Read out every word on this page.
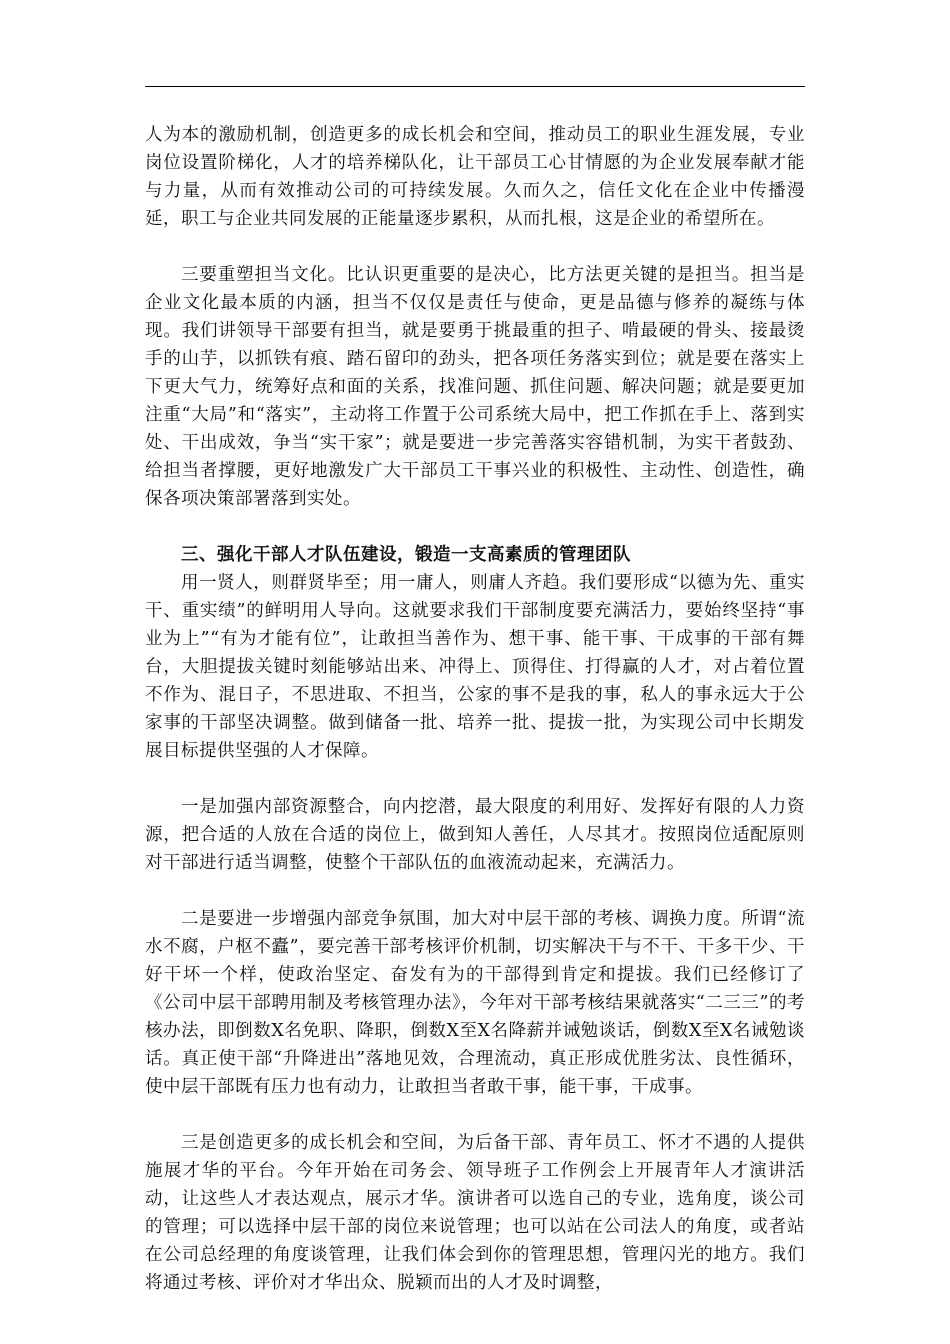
人为本的激励机制，创造更多的成长机会和空间，推动员工的职业生涯发展，专业岗位设置阶梯化，人才的培养梯队化，让干部员工心甘情愿的为企业发展奉献才能与力量，从而有效推动公司的可持续发展。久而久之，信任文化在企业中传播漫延，职工与企业共同发展的正能量逐步累积，从而扎根，这是企业的希望所在。

三要重塑担当文化。比认识更重要的是决心，比方法更关键的是担当。担当是企业文化最本质的内涵，担当不仅仅是责任与使命，更是品德与修养的凝练与体现。我们讲领导干部要有担当，就是要勇于挑最重的担子、啃最硬的骨头、接最烫手的山芋，以抓铁有痕、踏石留印的劲头，把各项任务落实到位；就是要在落实上下更大气力，统筹好点和面的关系，找准问题、抓住问题、解决问题；就是要更加注重“大局”和“落实”，主动将工作置于公司系统大局中，把工作抓在手上、落到实处、干出成效，争当“实干家”；就是要进一步完善落实容错机制，为实干者鼓劲、给担当者撑腰，更好地激发广大干部员工干事兴业的积极性、主动性、创造性，确保各项决策部署落到实处。

三、强化干部人才队伍建设，锻造一支高素质的管理团队

用一贤人，则群贤毕至；用一庸人，则庸人齐趋。我们要形成“以德为先、重实干、重实绩”的鲜明用人导向。这就要求我们干部制度要充满活力，要始终坚持“事业为上”“有为才能有位”，让敢担当善作为、想干事、能干事、干成事的干部有舞台，大胆提拔关键时刻能够站出来、冲得上、顶得住、打得赢的人才，对占着位置不作为、混日子，不思进取、不担当，公家的事不是我的事，私人的事永远大于公家事的干部坚决调整。做到储备一批、培养一批、提拔一批，为实现公司中长期发展目标提供坚强的人才保障。

一是加强内部资源整合，向内挖潜，最大限度的利用好、发挥好有限的人力资源，把合适的人放在合适的岗位上，做到知人善任，人尽其才。按照岗位适配原则对干部进行适当调整，使整个干部队伍的血液流动起来，充满活力。

二是要进一步增强内部竞争氛围，加大对中层干部的考核、调换力度。所谓“流水不腐，户枢不蠹”，要完善干部考核评价机制，切实解决干与不干、干多干少、干好干坏一个样，使政治坚定、奋发有为的干部得到肯定和提拔。我们已经修订了《公司中层干部聘用制及考核管理办法》，今年对干部考核结果就落实“二三三”的考核办法，即倒数X名免职、降职，倒数X至X名降薪并诫勉谈话，倒数X至X名诫勉谈话。真正使干部“升降进出”落地见效，合理流动，真正形成优胜劣汰、良性循环，使中层干部既有压力也有动力，让敢担当者敢干事，能干事，干成事。

三是创造更多的成长机会和空间，为后备干部、青年员工、怀才不遇的人提供施展才华的平台。今年开始在司务会、领导班子工作例会上开展青年人才演讲活动，让这些人才表达观点，展示才华。演讲者可以选自己的专业，选角度，谈公司的管理；可以选择中层干部的岗位来说管理；也可以站在公司法人的角度，或者站在公司总经理的角度谈管理，让我们体会到你的管理思想，管理闪光的地方。我们将通过考核、评价对才华出众、脱颖而出的人才及时调整，
